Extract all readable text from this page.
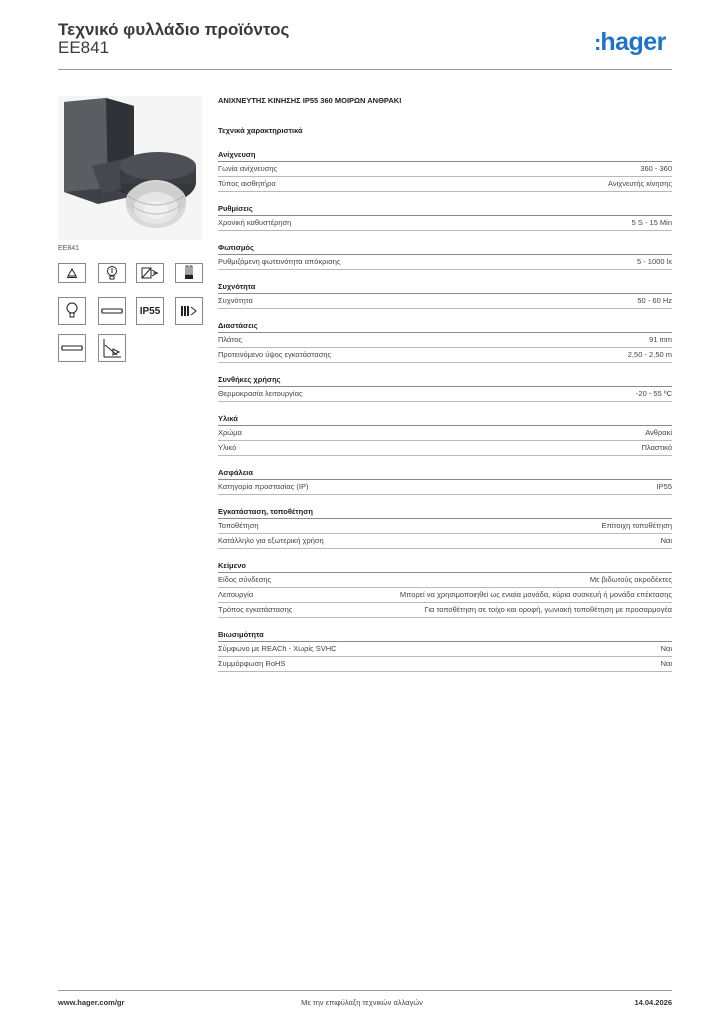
Τεχνικό φυλλάδιο προϊόντος
EE841	:hager
EE841
IP55
ΑΝΙΧΝΕΥΤΗΣ ΚΙΝΗΣΗΣ IP55 360 ΜΟΙΡΩΝ ΑΝΘΡΑΚΙ
Τεχνικά χαρακτηριστικά
Ανίχνευση
Γωνία ανίχνευσης	360 - 360
Τύπος αισθητήρα	Ανιχνευτής κίνησης
Ρυθμίσεις
Χρονική καθυστέρηση	5 S - 15 Min
Φωτισμός
Ρυθμιζόμενη φωτεινότητα απόκρισης	5 - 1000 lx
Συχνότητα
Συχνότητα	50 - 60 Hz
Διαστάσεις
Πλάτος	91 mm
Προτεινόμενο ύψος εγκατάστασης	2,50 - 2,50 m
Συνθήκες χρήσης
Θερμοκρασία λειτουργίας	-20 - 55 ºC
Υλικά
Χρώμα	Ανθρακί
Υλικό	Πλαστικό
Ασφάλεια
Κατηγορία προστασίας (IP)	IP55
Εγκατάσταση, τοποθέτηση
Τοποθέτηση	Επίτοιχη τοποθέτηση
Κατάλληλο για εξωτερική χρήση	Ναι
Κείμενο
Είδος σύνδεσης	Με βιδωτούς ακροδέκτες
Λειτουργία	Μπορεί να χρησιμοποιηθεί ως ενιαία μονάδα, κύρια συσκευή ή μονάδα επέκτασης
Τρόπος εγκατάστασης	Για τοποθέτηση σε τοίχο και οροφή, γωνιακή τοποθέτηση με προσαρμογέα
Βιωσιμότητα
Σύμφωνο με REACh - Χωρίς SVHC	Ναι
Συμμόρφωση RoHS	Ναι
www.hager.com/gr	Με την επιφύλαξη τεχνικών αλλαγών	14.04.2026
